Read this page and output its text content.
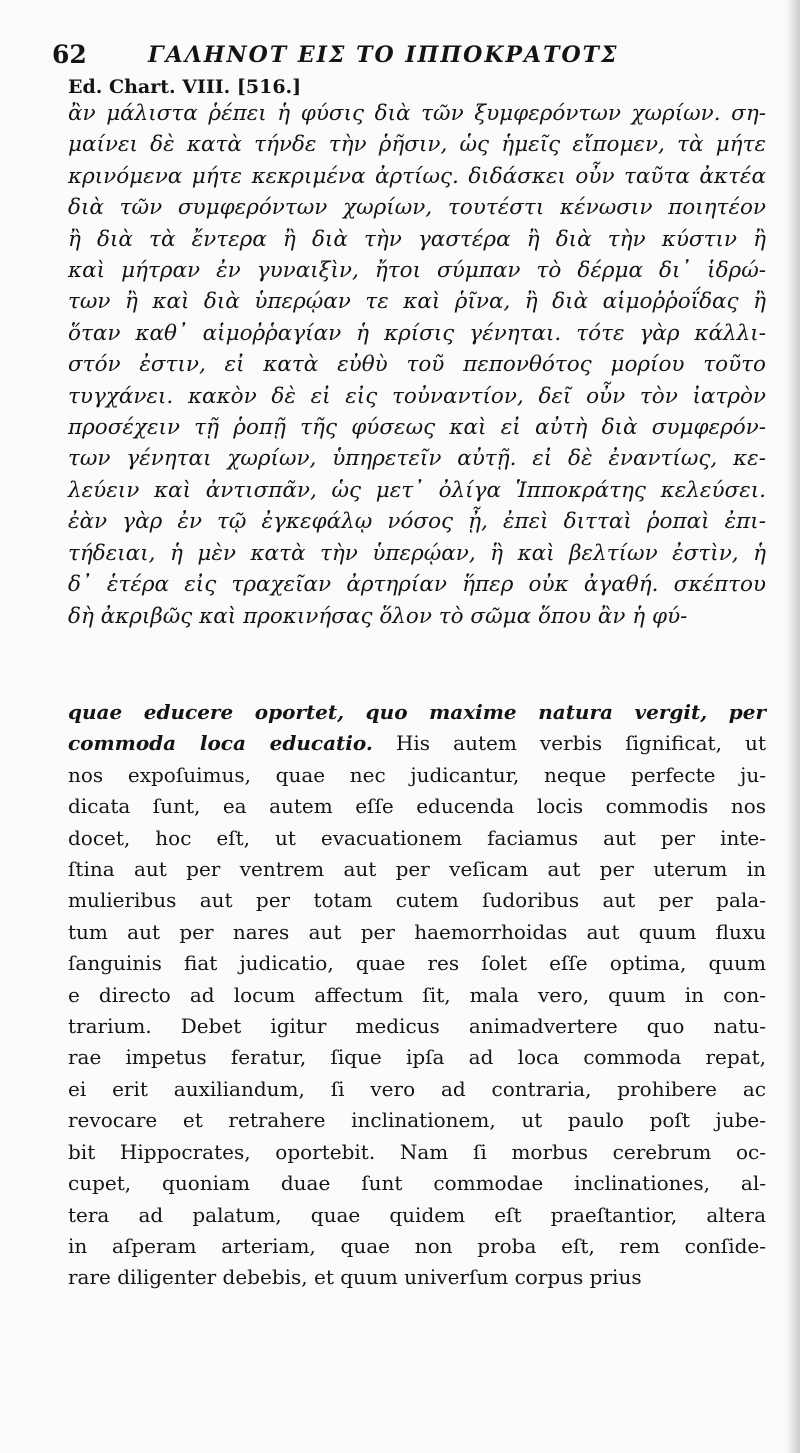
62	ΓΑΛΗΝΟΤ ΕΙΣ ΤΟ ΙΠΠΟΚΡΑΤΟΤΣ
Ed. Chart. VIII. [516.]
ἂν μάλιστα ῥέπει ἡ φύσις διὰ τῶν ξυμφερόντων χωρίων. ση-
μαίνει δὲ κατὰ τήνδε τὴν ῥῆσιν, ὡς ἡμεῖς εἴπομεν, τὰ μήτε
κρινόμενα μήτε κεκριμένα ἀρτίως. διδάσκει οὖν ταῦτα ἀκτέα
διὰ τῶν συμφερόντων χωρίων, τουτέστι κένωσιν ποιητέον
ἢ διὰ τὰ ἔντερα ἢ διὰ τὴν γαστέρα ἢ διὰ τὴν κύστιν ἢ
καὶ μήτραν ἐν γυναιξὶν, ἤτοι σύμπαν τὸ δέρμα δι᾽ ἱδρώ-
των ἢ καὶ διὰ ὑπερῴαν τε καὶ ῥῖνα, ἢ διὰ αἱμοῤῥοΐδας ἢ
ὅταν καθ᾽ αἱμοῤῥαγίαν ἡ κρίσις γένηται. τότε γὰρ κάλλι-
στόν ἐστιν, εἰ κατὰ εὐθὺ τοῦ πεπονθότος μορίου τοῦτο
τυγχάνει. κακὸν δὲ εἰ εἰς τοὐναντίον, δεῖ οὖν τὸν ἰατρὸν
προσέχειν τῇ ῥοπῇ τῆς φύσεως καὶ εἰ αὐτὴ διὰ συμφερόν-
των γένηται χωρίων, ὑπηρετεῖν αὐτῇ. εἰ δὲ ἐναντίως, κε-
λεύειν καὶ ἀντισπᾶν, ὡς μετ᾽ ὀλίγα Ἱπποκράτης κελεύσει.
ἐὰν γὰρ ἐν τῷ ἐγκεφάλῳ νόσος ᾖ, ἐπεὶ διτταὶ ῥοπαὶ ἐπι-
τήδειαι, ἡ μὲν κατὰ τὴν ὑπερῴαν, ἣ καὶ βελτίων ἐστὶν, ἡ
δ᾽ ἑτέρα εἰς τραχεῖαν ἀρτηρίαν ἥπερ οὐκ ἀγαθή. σκέπτου
δὴ ἀκριβῶς καὶ προκινήσας ὅλον τὸ σῶμα ὅπου ἂν ἡ φύ-
quae educere oportet, quo maxime natura vergit, per
commoda loca educatio. His autem verbis ſignificat, ut
nos expoſuimus, quae nec judicantur, neque perfecte ju-
dicata ſunt, ea autem eſſe educenda locis commodis nos
docet, hoc eſt, ut evacuationem faciamus aut per inte-
ſtina aut per ventrem aut per veſicam aut per uterum in
mulieribus aut per totam cutem ſudoribus aut per pala-
tum aut per nares aut per haemorrhoidas aut quum fluxu
ſanguinis fiat judicatio, quae res ſolet eſſe optima, quum
e directo ad locum affectum ſit, mala vero, quum in con-
trarium. Debet igitur medicus animadvertere quo natu-
rae impetus feratur, ſique ipſa ad loca commoda repat,
ei erit auxiliandum, ſi vero ad contraria, prohibere ac
revocare et retrahere inclinationem, ut paulo poſt jube-
bit Hippocrates, oportebit. Nam ſi morbus cerebrum oc-
cupet, quoniam duae ſunt commodae inclinationes, al-
tera ad palatum, quae quidem eſt praeſtantior, altera
in aſperam arteriam, quae non proba eſt, rem conſide-
rare diligenter debebis, et quum univerſum corpus prius
